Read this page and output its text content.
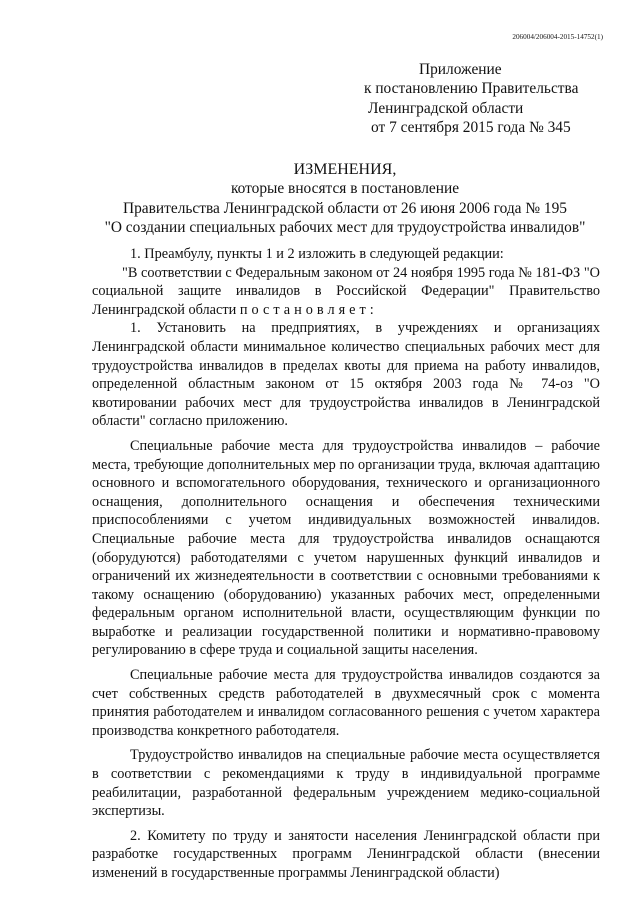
206004/206004-2015-14752(1)
Приложение
к постановлению Правительства
Ленинградской области
от 7 сентября 2015 года № 345
ИЗМЕНЕНИЯ,
которые вносятся в постановление
Правительства Ленинградской области от 26 июня 2006 года № 195
"О создании специальных рабочих мест для трудоустройства инвалидов"

1. Преамбулу, пункты 1 и 2 изложить в следующей редакции:

"В соответствии с Федеральным законом от 24 ноября 1995 года № 181-ФЗ "О социальной защите инвалидов в Российской Федерации" Правительство Ленинградской области постановляет:

1. Установить на предприятиях, в учреждениях и организациях Ленинградской области минимальное количество специальных рабочих мест для трудоустройства инвалидов в пределах квоты для приема на работу инвалидов, определенной областным законом от 15 октября 2003 года № 74-оз "О квотировании рабочих мест для трудоустройства инвалидов в Ленинградской области" согласно приложению.

Специальные рабочие места для трудоустройства инвалидов – рабочие места, требующие дополнительных мер по организации труда, включая адаптацию основного и вспомогательного оборудования, технического и организационного оснащения, дополнительного оснащения и обеспечения техническими приспособлениями с учетом индивидуальных возможностей инвалидов. Специальные рабочие места для трудоустройства инвалидов оснащаются (оборудуются) работодателями с учетом нарушенных функций инвалидов и ограничений их жизнедеятельности в соответствии с основными требованиями к такому оснащению (оборудованию) указанных рабочих мест, определенными федеральным органом исполнительной власти, осуществляющим функции по выработке и реализации государственной политики и нормативно-правовому регулированию в сфере труда и социальной защиты населения.

Специальные рабочие места для трудоустройства инвалидов создаются за счет собственных средств работодателей в двухмесячный срок с момента принятия работодателем и инвалидом согласованного решения с учетом характера производства конкретного работодателя.

Трудоустройство инвалидов на специальные рабочие места осуществляется в соответствии с рекомендациями к труду в индивидуальной программе реабилитации, разработанной федеральным учреждением медико-социальной экспертизы.

2. Комитету по труду и занятости населения Ленинградской области при разработке государственных программ Ленинградской области (внесении изменений в государственные программы Ленинградской области)
